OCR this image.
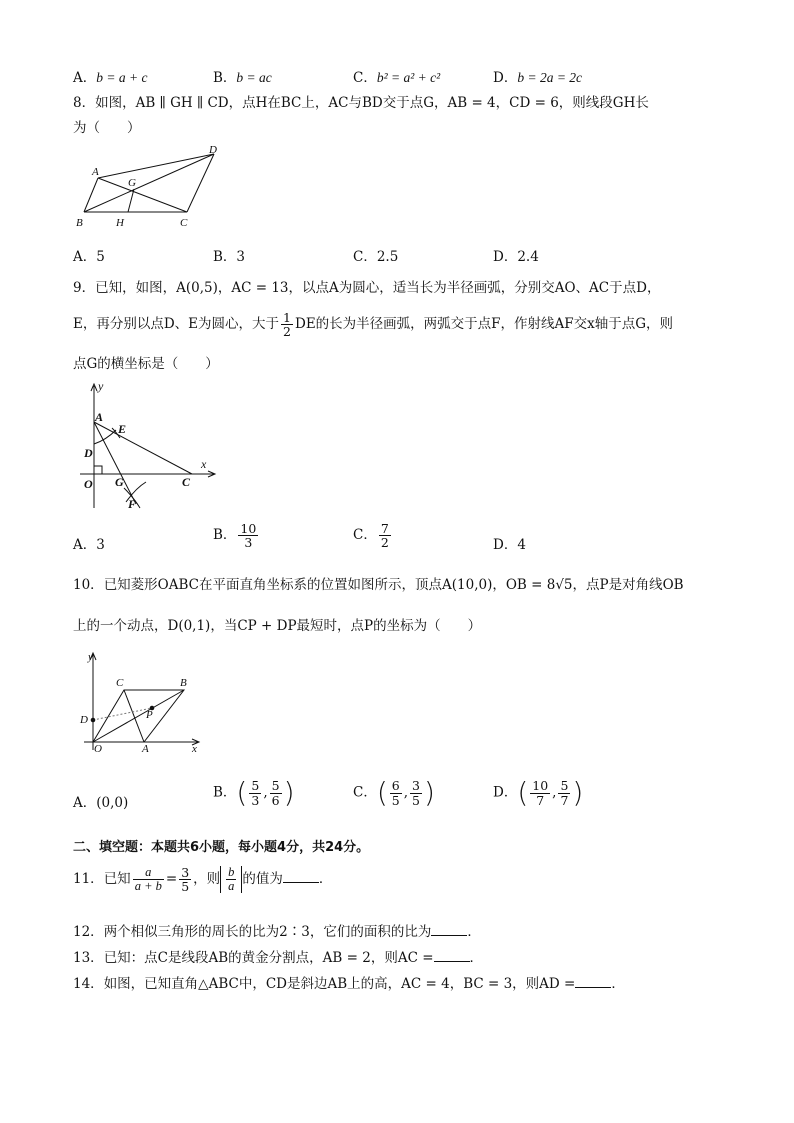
A．b = a + c	B．b = ac	C．b² = a² + c²	D．b = 2a = 2c
8．如图，AB ∥ GH ∥ CD，点H在BC上，AC与BD交于点G，AB = 4，CD = 6，则线段GH长
为（　　）
A
B	C
D
G
H
A．5	B．3	C．2.5	D．2.4
9．已知，如图，A(0,5)，AC = 13，以点A为圆心，适当长为半径画弧，分别交AO、AC于点D，
E，再分别以点D、E为圆心，大于 $\frac{1}{2}$ DE的长为半径画弧，两弧交于点F，作射线AF交x轴于点G，则
点G的横坐标是（　　）
y
x
A
E
D
O G	C
F
A．3
B． $\frac{10}{3}$	C． $\frac{7}{2}$	D．4
10．已知菱形OABC在平面直角坐标系的位置如图所示，顶点A(10,0)，OB = 8√5，点P是对角线OB
上的一个动点，D(0,1)，当CP + DP最短时，点P的坐标为（　　）
y
x
B
C
D	P
O	A
A．(0,0)
B．( $\frac{5}{3}$ , $\frac{5}{6}$ )	C．( $\frac{6}{5}$ , $\frac{3}{5}$ )	D．( $\frac{10}{7}$ , $\frac{5}{7}$ )
二、填空题：本题共6小题，每小题4分，共24分。
11．已知 $\frac{a}{a + b} = \frac{3}{5}$ ，则 $\frac{b}{a}$ 的值为	．
12．两个相似三角形的周长的比为2∶3，它们的面积的比为	．
13．已知：点C是线段AB的黄金分割点，AB = 2，则AC =	．
14．如图，已知直角△ABC中，CD是斜边AB上的高，AC = 4，BC = 3，则AD =	．
